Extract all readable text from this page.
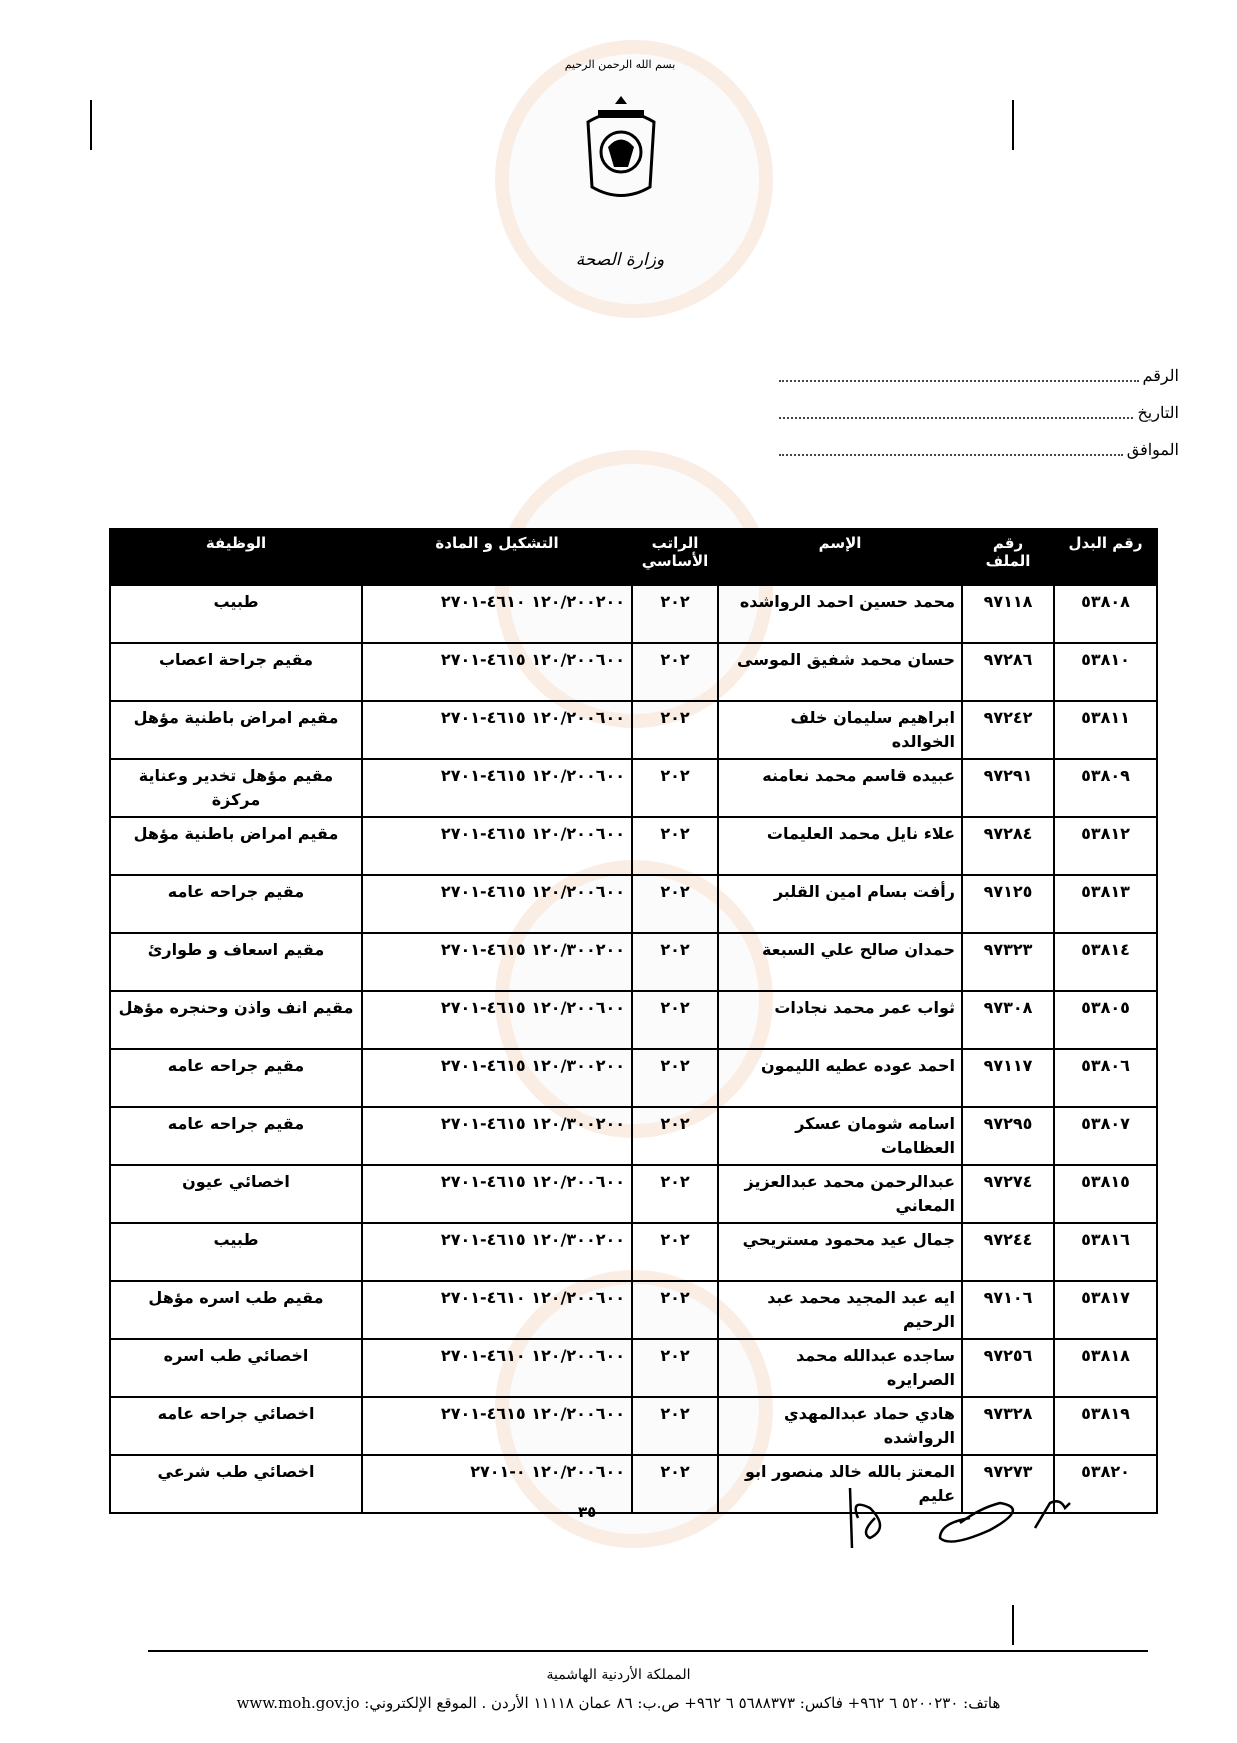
بسم الله الرحمن الرحيم
وزارة الصحة
الرقم
التاريخ
الموافق
رقم البدل	رقم الملف	الإسم	الراتب الأساسي	التشكيل و المادة	الوظيفة
٥٣٨٠٨	٩٧١١٨	محمد حسين احمد الرواشده	٢٠٢	١٢٠/٢٠٠٢٠٠ ٤٦١٠-٢٧٠١	طبيب
٥٣٨١٠	٩٧٢٨٦	حسان محمد شفيق الموسى	٢٠٢	١٢٠/٢٠٠٦٠٠ ٤٦١٥-٢٧٠١	مقيم جراحة اعصاب
٥٣٨١١	٩٧٢٤٢	ابراهيم سليمان خلف الخوالده	٢٠٢	١٢٠/٢٠٠٦٠٠ ٤٦١٥-٢٧٠١	مقيم امراض باطنية مؤهل
٥٣٨٠٩	٩٧٢٩١	عبيده قاسم محمد نعامنه	٢٠٢	١٢٠/٢٠٠٦٠٠ ٤٦١٥-٢٧٠١	مقيم مؤهل تخدير وعناية مركزة
٥٣٨١٢	٩٧٢٨٤	علاء نايل محمد العليمات	٢٠٢	١٢٠/٢٠٠٦٠٠ ٤٦١٥-٢٧٠١	مقيم امراض باطنية مؤهل
٥٣٨١٣	٩٧١٢٥	رأفت بسام امين القلبر	٢٠٢	١٢٠/٢٠٠٦٠٠ ٤٦١٥-٢٧٠١	مقيم جراحه عامه
٥٣٨١٤	٩٧٣٢٣	حمدان صالح علي السبعة	٢٠٢	١٢٠/٣٠٠٢٠٠ ٤٦١٥-٢٧٠١	مقيم اسعاف و طوارئ
٥٣٨٠٥	٩٧٣٠٨	ثواب عمر محمد نجادات	٢٠٢	١٢٠/٢٠٠٦٠٠ ٤٦١٥-٢٧٠١	مقيم انف واذن وحنجره مؤهل
٥٣٨٠٦	٩٧١١٧	احمد عوده عطيه الليمون	٢٠٢	١٢٠/٣٠٠٢٠٠ ٤٦١٥-٢٧٠١	مقيم جراحه عامه
٥٣٨٠٧	٩٧٢٩٥	اسامه شومان عسكر العظامات	٢٠٢	١٢٠/٣٠٠٢٠٠ ٤٦١٥-٢٧٠١	مقيم جراحه عامه
٥٣٨١٥	٩٧٢٧٤	عبدالرحمن محمد عبدالعزيز المعاني	٢٠٢	١٢٠/٢٠٠٦٠٠ ٤٦١٥-٢٧٠١	اخصائي عيون
٥٣٨١٦	٩٧٢٤٤	جمال عيد محمود مستريحي	٢٠٢	١٢٠/٣٠٠٢٠٠ ٤٦١٥-٢٧٠١	طبيب
٥٣٨١٧	٩٧١٠٦	ايه عبد المجيد محمد عبد الرحيم	٢٠٢	١٢٠/٢٠٠٦٠٠ ٤٦١٠-٢٧٠١	مقيم طب اسره مؤهل
٥٣٨١٨	٩٧٢٥٦	ساجده عبدالله محمد الصرايره	٢٠٢	١٢٠/٢٠٠٦٠٠ ٤٦١٠-٢٧٠١	اخصائي طب اسره
٥٣٨١٩	٩٧٣٢٨	هادي حماد عبدالمهدي الرواشده	٢٠٢	١٢٠/٢٠٠٦٠٠ ٤٦١٥-٢٧٠١	اخصائي جراحه عامه
٥٣٨٢٠	٩٧٢٧٣	المعتز بالله خالد منصور ابو عليم	٢٠٢	١٢٠/٢٠٠٦٠٠ ٠-٢٧٠١	اخصائي طب شرعي
٣٥
المملكة الأردنية الهاشمية
هاتف: ٥٢٠٠٢٣٠ ٦ ٩٦٢+ فاكس: ٥٦٨٨٣٧٣ ٦ ٩٦٢+ ص.ب: ٨٦ عمان ١١١١٨ الأردن . الموقع الإلكتروني: www.moh.gov.jo
